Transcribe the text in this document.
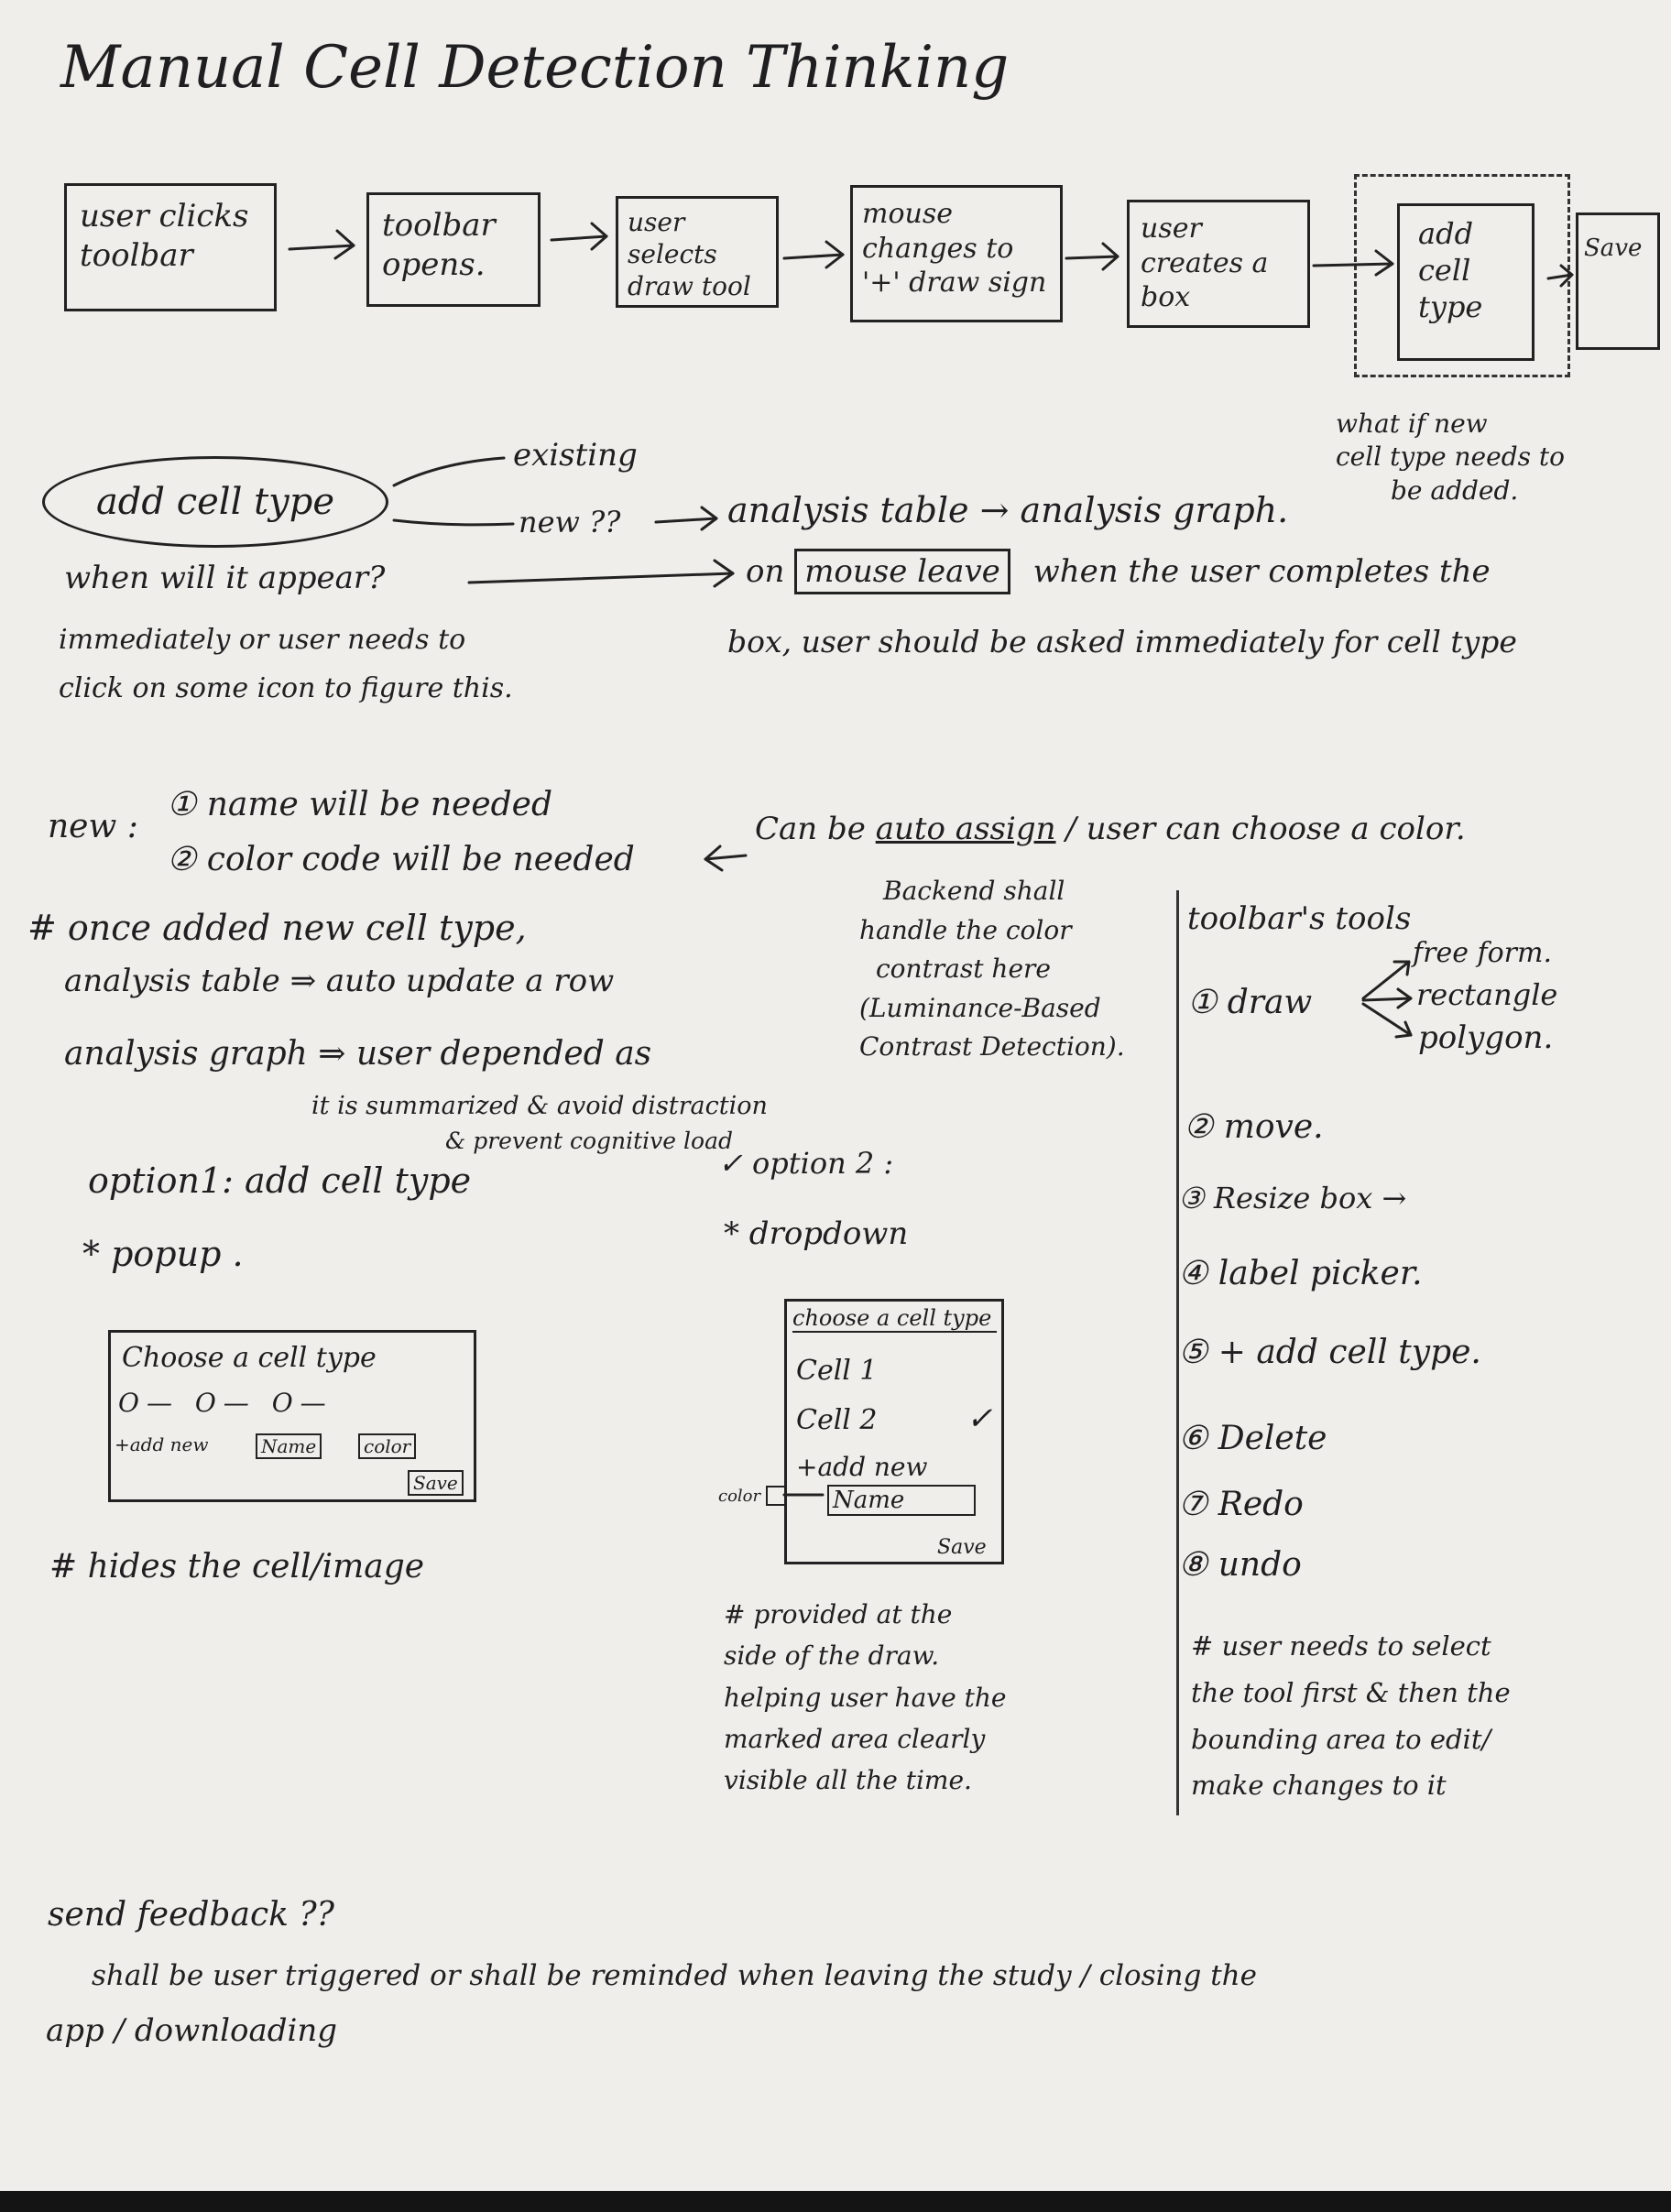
Manual Cell Detection Thinking
user clicks
toolbar
toolbar
opens.
user
selects
draw tool
mouse
changes to
'+' draw sign
user
creates a
box
add
cell
type
Save
what if new
cell type needs to
be added.
add cell type
existing
new ??	analysis table → analysis graph.
when will it appear?
immediately or user needs to
click on some icon to figure this.
on mouse leave when the user completes the
box, user should be asked immediately for cell type
new :
① name will be needed
② color code will be needed
Can be auto assign / user can choose a color.
Backend shall
handle the color
contrast here
(Luminance-Based
Contrast Detection).
# once added new cell type,
analysis table ⇒ auto update a row
analysis graph ⇒ user depended as
it is summarized & avoid distraction
& prevent cognitive load
option1: add cell type
* popup .
Choose a cell type
O— O— O—
+add new	Name	color
Save
# hides the cell/image
✓ option 2 :
* dropdown
choose a cell type
Cell 1
Cell 2	✓
+add new
Name
Save
color
# provided at the
side of the draw.
helping user have the
marked area clearly
visible all the time.
toolbar's tools
① draw
free form.
rectangle
polygon.
② move.
③ Resize box →
④ label picker.
⑤ + add cell type.
⑥ Delete
⑦ Redo
⑧ undo
# user needs to select
the tool first & then the
bounding area to edit/
make changes to it
send feedback ??
shall be user triggered or shall be reminded when leaving the study / closing the
app / downloading
